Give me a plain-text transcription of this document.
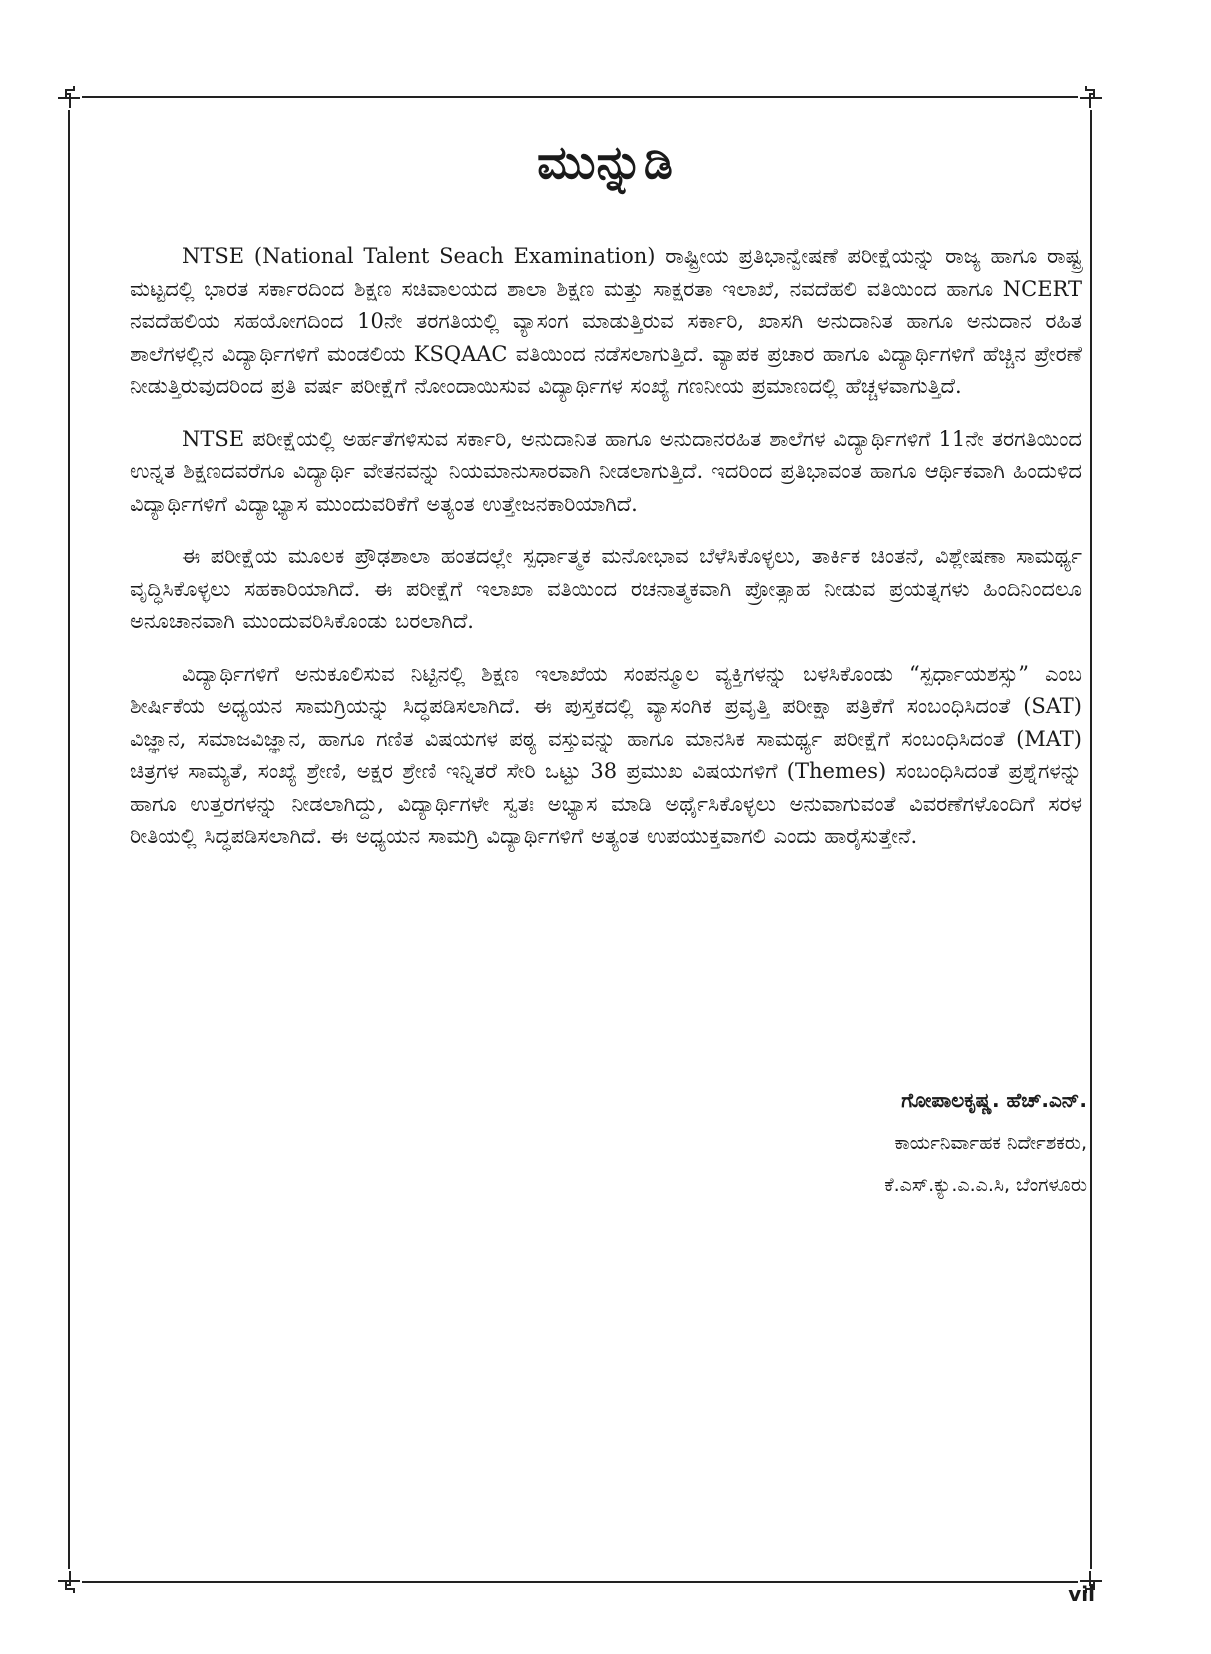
ಮುನ್ನುಡಿ

NTSE (National Talent Seach Examination) ರಾಷ್ಟ್ರೀಯ ಪ್ರತಿಭಾನ್ವೇಷಣೆ ಪರೀಕ್ಷೆಯನ್ನು ರಾಜ್ಯ ಹಾಗೂ ರಾಷ್ಟ್ರ ಮಟ್ಟದಲ್ಲಿ ಭಾರತ ಸರ್ಕಾರದಿಂದ ಶಿಕ್ಷಣ ಸಚಿವಾಲಯದ ಶಾಲಾ ಶಿಕ್ಷಣ ಮತ್ತು ಸಾಕ್ಷರತಾ ಇಲಾಖೆ, ನವದೆಹಲಿ ವತಿಯಿಂದ ಹಾಗೂ NCERT ನವದೆಹಲಿಯ ಸಹಯೋಗದಿಂದ 10ನೇ ತರಗತಿಯಲ್ಲಿ ವ್ಯಾಸಂಗ ಮಾಡುತ್ತಿರುವ ಸರ್ಕಾರಿ, ಖಾಸಗಿ ಅನುದಾನಿತ ಹಾಗೂ ಅನುದಾನ ರಹಿತ ಶಾಲೆಗಳಲ್ಲಿನ ವಿದ್ಯಾರ್ಥಿಗಳಿಗೆ ಮಂಡಲಿಯ KSQAAC ವತಿಯಿಂದ ನಡೆಸಲಾಗುತ್ತಿದೆ. ವ್ಯಾಪಕ ಪ್ರಚಾರ ಹಾಗೂ ವಿದ್ಯಾರ್ಥಿಗಳಿಗೆ ಹೆಚ್ಚಿನ ಪ್ರೇರಣೆ ನೀಡುತ್ತಿರುವುದರಿಂದ ಪ್ರತಿ ವರ್ಷ ಪರೀಕ್ಷೆಗೆ ನೋಂದಾಯಿಸುವ ವಿದ್ಯಾರ್ಥಿಗಳ ಸಂಖ್ಯೆ ಗಣನೀಯ ಪ್ರಮಾಣದಲ್ಲಿ ಹೆಚ್ಚಳವಾಗುತ್ತಿದೆ.

NTSE ಪರೀಕ್ಷೆಯಲ್ಲಿ ಅರ್ಹತೆಗಳಿಸುವ ಸರ್ಕಾರಿ, ಅನುದಾನಿತ ಹಾಗೂ ಅನುದಾನರಹಿತ ಶಾಲೆಗಳ ವಿದ್ಯಾರ್ಥಿಗಳಿಗೆ 11ನೇ ತರಗತಿಯಿಂದ ಉನ್ನತ ಶಿಕ್ಷಣದವರೆಗೂ ವಿದ್ಯಾರ್ಥಿ ವೇತನವನ್ನು ನಿಯಮಾನುಸಾರವಾಗಿ ನೀಡಲಾಗುತ್ತಿದೆ. ಇದರಿಂದ ಪ್ರತಿಭಾವಂತ ಹಾಗೂ ಆರ್ಥಿಕವಾಗಿ ಹಿಂದುಳಿದ ವಿದ್ಯಾರ್ಥಿಗಳಿಗೆ ವಿದ್ಯಾಭ್ಯಾಸ ಮುಂದುವರಿಕೆಗೆ ಅತ್ಯಂತ ಉತ್ತೇಜನಕಾರಿಯಾಗಿದೆ.

ಈ ಪರೀಕ್ಷೆಯ ಮೂಲಕ ಪ್ರೌಢಶಾಲಾ ಹಂತದಲ್ಲೇ ಸ್ಪರ್ಧಾತ್ಮಕ ಮನೋಭಾವ ಬೆಳೆಸಿಕೊಳ್ಳಲು, ತಾರ್ಕಿಕ ಚಿಂತನೆ, ವಿಶ್ಲೇಷಣಾ ಸಾಮರ್ಥ್ಯ ವೃದ್ಧಿಸಿಕೊಳ್ಳಲು ಸಹಕಾರಿಯಾಗಿದೆ. ಈ ಪರೀಕ್ಷೆಗೆ ಇಲಾಖಾ ವತಿಯಿಂದ ರಚನಾತ್ಮಕವಾಗಿ ಪ್ರೋತ್ಸಾಹ ನೀಡುವ ಪ್ರಯತ್ನಗಳು ಹಿಂದಿನಿಂದಲೂ ಅನೂಚಾನವಾಗಿ ಮುಂದುವರಿಸಿಕೊಂಡು ಬರಲಾಗಿದೆ.

ವಿದ್ಯಾರ್ಥಿಗಳಿಗೆ ಅನುಕೂಲಿಸುವ ನಿಟ್ಟಿನಲ್ಲಿ ಶಿಕ್ಷಣ ಇಲಾಖೆಯ ಸಂಪನ್ಮೂಲ ವ್ಯಕ್ತಿಗಳನ್ನು ಬಳಸಿಕೊಂಡು “ಸ್ಪರ್ಧಾಯಶಸ್ಸು” ಎಂಬ ಶೀರ್ಷಿಕೆಯ ಅಧ್ಯಯನ ಸಾಮಗ್ರಿಯನ್ನು ಸಿದ್ಧಪಡಿಸಲಾಗಿದೆ. ಈ ಪುಸ್ತಕದಲ್ಲಿ ವ್ಯಾಸಂಗಿಕ ಪ್ರವೃತ್ತಿ ಪರೀಕ್ಷಾ ಪತ್ರಿಕೆಗೆ ಸಂಬಂಧಿಸಿದಂತೆ (SAT) ವಿಜ್ಞಾನ, ಸಮಾಜವಿಜ್ಞಾನ, ಹಾಗೂ ಗಣಿತ ವಿಷಯಗಳ ಪಠ್ಯ ವಸ್ತುವನ್ನು ಹಾಗೂ ಮಾನಸಿಕ ಸಾಮರ್ಥ್ಯ ಪರೀಕ್ಷೆಗೆ ಸಂಬಂಧಿಸಿದಂತೆ (MAT) ಚಿತ್ರಗಳ ಸಾಮ್ಯತೆ, ಸಂಖ್ಯೆ ಶ್ರೇಣಿ, ಅಕ್ಷರ ಶ್ರೇಣಿ ಇನ್ನಿತರೆ ಸೇರಿ ಒಟ್ಟು 38 ಪ್ರಮುಖ ವಿಷಯಗಳಿಗೆ (Themes) ಸಂಬಂಧಿಸಿದಂತೆ ಪ್ರಶ್ನೆಗಳನ್ನು ಹಾಗೂ ಉತ್ತರಗಳನ್ನು ನೀಡಲಾಗಿದ್ದು, ವಿದ್ಯಾರ್ಥಿಗಳೇ ಸ್ವತಃ ಅಭ್ಯಾಸ ಮಾಡಿ ಅರ್ಥೈಸಿಕೊಳ್ಳಲು ಅನುವಾಗುವಂತೆ ವಿವರಣೆಗಳೊಂದಿಗೆ ಸರಳ ರೀತಿಯಲ್ಲಿ ಸಿದ್ಧಪಡಿಸಲಾಗಿದೆ. ಈ ಅಧ್ಯಯನ ಸಾಮಗ್ರಿ ವಿದ್ಯಾರ್ಥಿಗಳಿಗೆ ಅತ್ಯಂತ ಉಪಯುಕ್ತವಾಗಲಿ ಎಂದು ಹಾರೈಸುತ್ತೇನೆ.

ಗೋಪಾಲಕೃಷ್ಣ. ಹೆಚ್.ಎನ್.
ಕಾರ್ಯನಿರ್ವಾಹಕ ನಿರ್ದೇಶಕರು,
ಕೆ.ಎಸ್.ಕ್ಯು.ಎ.ಎ.ಸಿ, ಬೆಂಗಳೂರು
vii
